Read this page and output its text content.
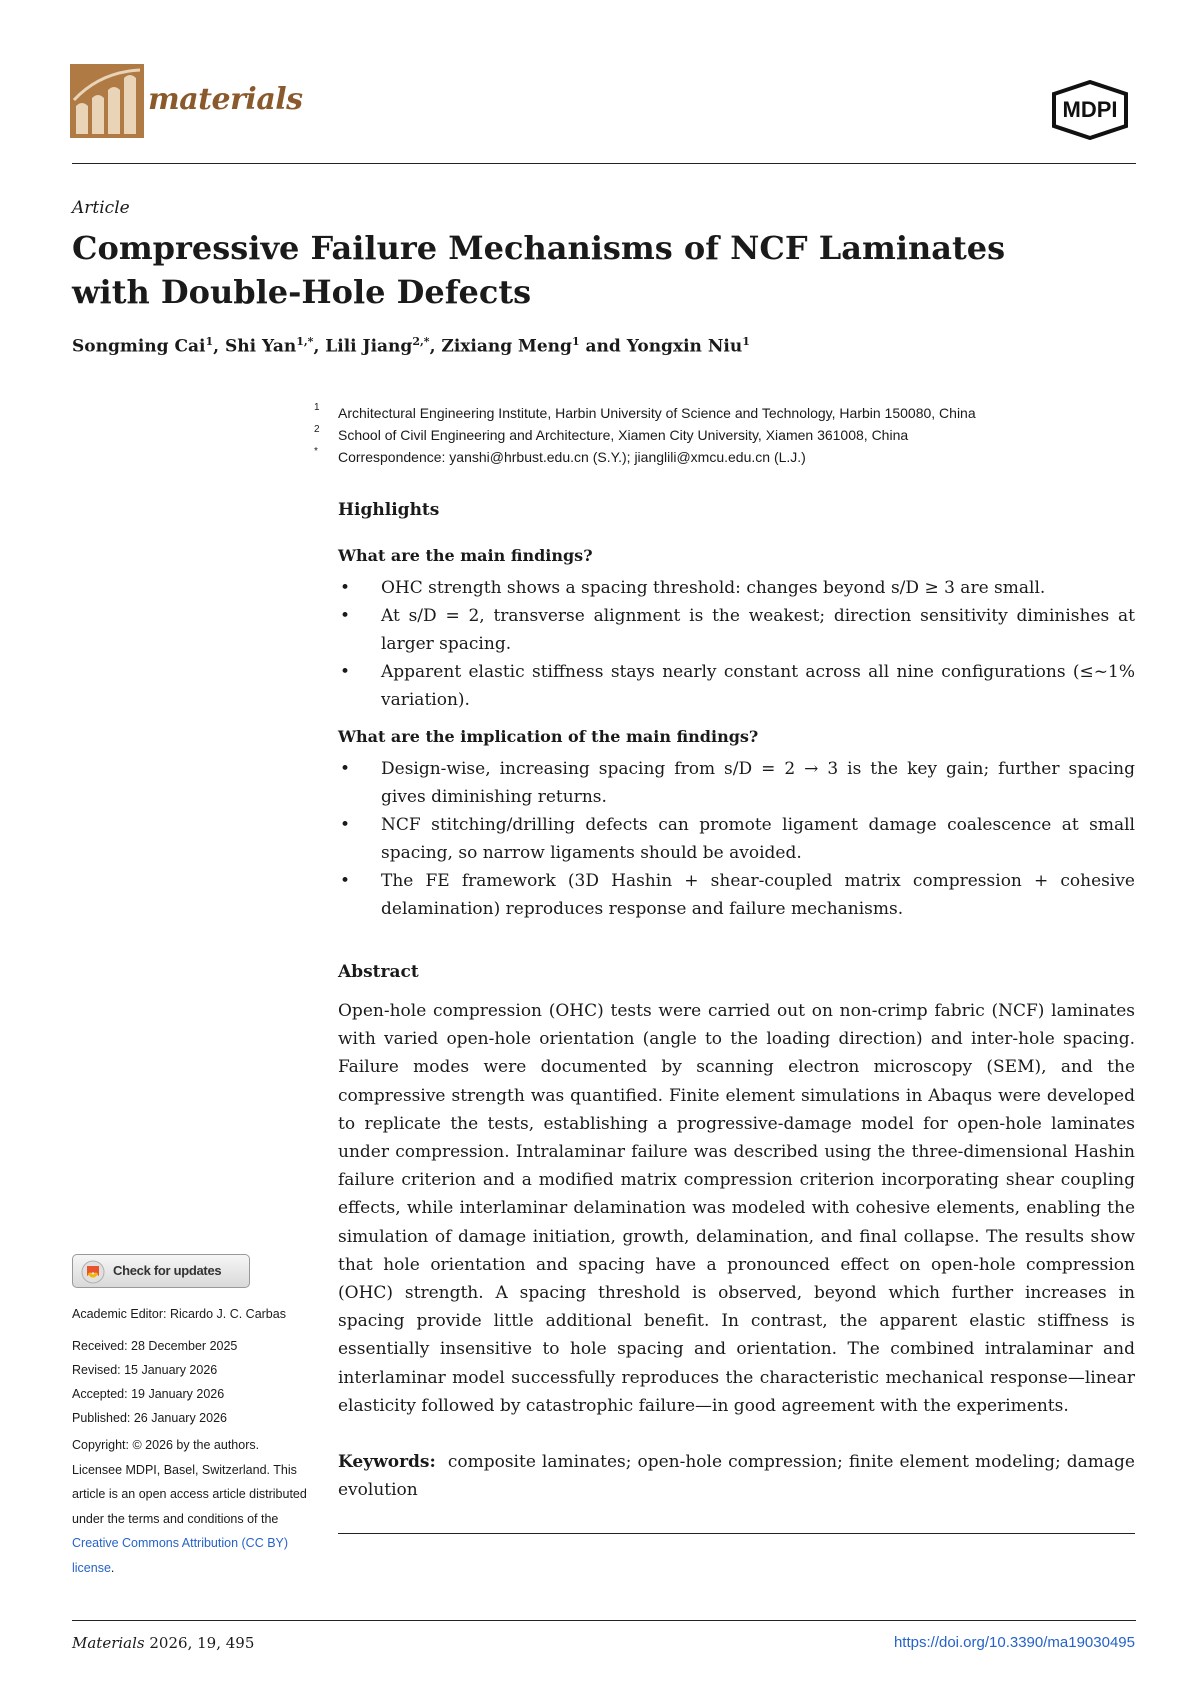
materials	MDPI
Article
Compressive Failure Mechanisms of NCF Laminates with Double-Hole Defects
Songming Cai$^1$, Shi Yan$^{1,*}$, Lili Jiang$^{2,*}$, Zixiang Meng$^1$ and Yongxin Niu$^1$
1 Architectural Engineering Institute, Harbin University of Science and Technology, Harbin 150080, China
2 School of Civil Engineering and Architecture, Xiamen City University, Xiamen 361008, China
* Correspondence: yanshi@hrbust.edu.cn (S.Y.); jianglili@xmcu.edu.cn (L.J.)
Highlights
What are the main findings?
• OHC strength shows a spacing threshold: changes beyond s/D ≥ 3 are small.
• At s/D = 2, transverse alignment is the weakest; direction sensitivity diminishes at larger spacing.
• Apparent elastic stiffness stays nearly constant across all nine configurations (≤~1% variation).
What are the implication of the main findings?
• Design-wise, increasing spacing from s/D = 2 → 3 is the key gain; further spacing gives diminishing returns.
• NCF stitching/drilling defects can promote ligament damage coalescence at small spacing, so narrow ligaments should be avoided.
• The FE framework (3D Hashin + shear-coupled matrix compression + cohesive delamination) reproduces response and failure mechanisms.
Abstract

Open-hole compression (OHC) tests were carried out on non-crimp fabric (NCF) laminates with varied open-hole orientation (angle to the loading direction) and inter-hole spacing. Failure modes were documented by scanning electron microscopy (SEM), and the compressive strength was quantified. Finite element simulations in Abaqus were developed to replicate the tests, establishing a progressive-damage model for open-hole laminates under compression. Intralaminar failure was described using the three-dimensional Hashin failure criterion and a modified matrix compression criterion incorporating shear coupling effects, while interlaminar delamination was modeled with cohesive elements, enabling the simulation of damage initiation, growth, delamination, and final collapse. The results show that hole orientation and spacing have a pronounced effect on open-hole compression (OHC) strength. A spacing threshold is observed, beyond which further increases in spacing provide little additional benefit. In contrast, the apparent elastic stiffness is essentially insensitive to hole spacing and orientation. The combined intralaminar and interlaminar model successfully reproduces the characteristic mechanical response—linear elasticity followed by catastrophic failure—in good agreement with the experiments.

Keywords: composite laminates; open-hole compression; finite element modeling; damage evolution

Check for updates
Academic Editor: Ricardo J. C. Carbas
Received: 28 December 2025
Revised: 15 January 2026
Accepted: 19 January 2026
Published: 26 January 2026
Copyright: © 2026 by the authors. Licensee MDPI, Basel, Switzerland. This article is an open access article distributed under the terms and conditions of the Creative Commons Attribution (CC BY) license.
Materials 2026, 19, 495	https://doi.org/10.3390/ma19030495
